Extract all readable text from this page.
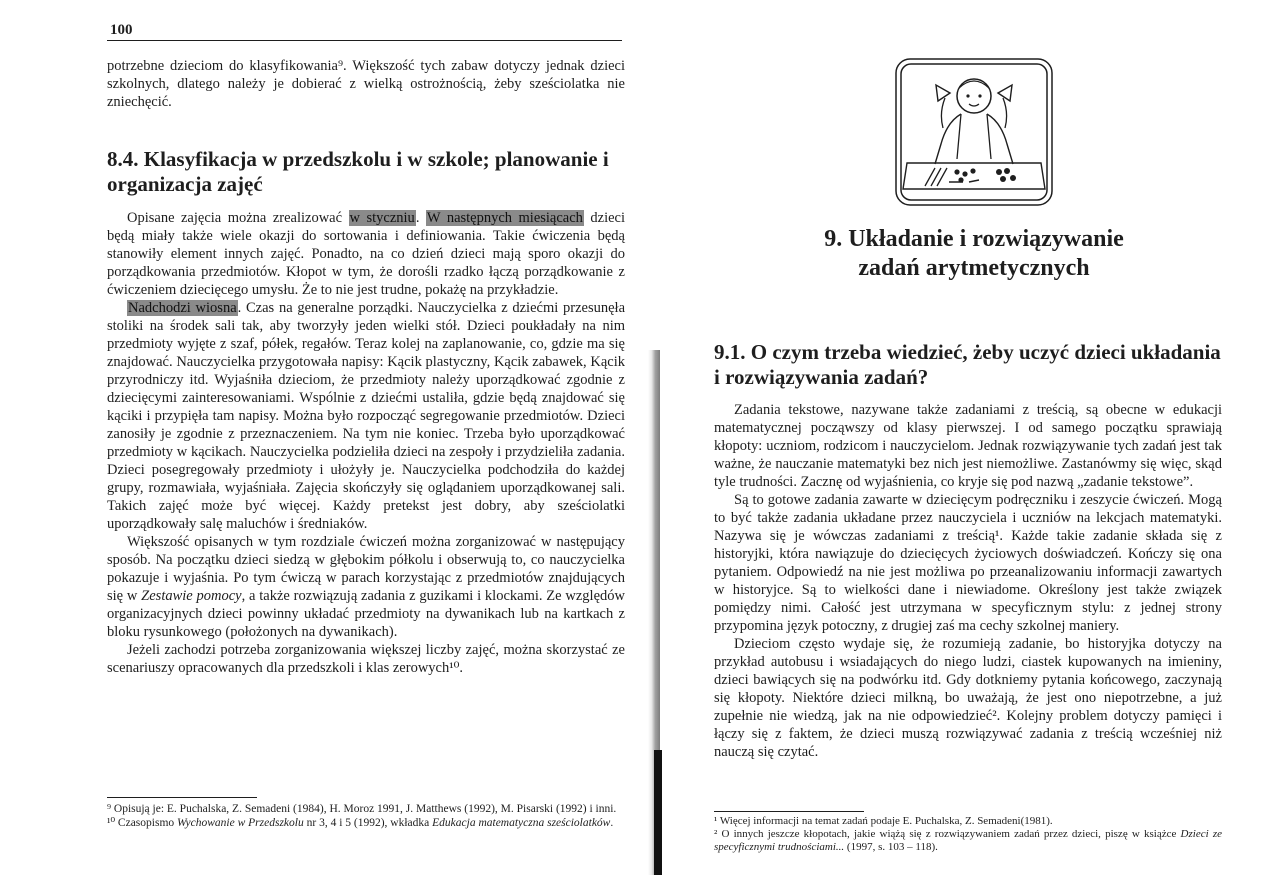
100

potrzebne dzieciom do klasyfikowania⁹. Większość tych zabaw dotyczy jednak dzieci szkolnych, dlatego należy je dobierać z wielką ostrożnością, żeby sześciolatka nie zniechęcić.

8.4. Klasyfikacja w przedszkolu i w szkole; planowanie i organizacja zajęć

Opisane zajęcia można zrealizować w styczniu. W następnych miesiącach dzieci będą miały także wiele okazji do sortowania i definiowania. Takie ćwiczenia będą stanowiły element innych zajęć. Ponadto, na co dzień dzieci mają sporo okazji do porządkowania przedmiotów. Kłopot w tym, że dorośli rzadko łączą porządkowanie z ćwiczeniem dziecięcego umysłu. Że to nie jest trudne, pokażę na przykładzie.

Nadchodzi wiosna. Czas na generalne porządki. Nauczycielka z dziećmi przesunęła stoliki na środek sali tak, aby tworzyły jeden wielki stół. Dzieci poukładały na nim przedmioty wyjęte z szaf, półek, regałów. Teraz kolej na zaplanowanie, co, gdzie ma się znajdować. Nauczycielka przygotowała napisy: Kącik plastyczny, Kącik zabawek, Kącik przyrodniczy itd. Wyjaśniła dzieciom, że przedmioty należy uporządkować zgodnie z dziecięcymi zainteresowaniami. Wspólnie z dziećmi ustaliła, gdzie będą znajdować się kąciki i przypięła tam napisy. Można było rozpocząć segregowanie przedmiotów. Dzieci zanosiły je zgodnie z przeznaczeniem. Na tym nie koniec. Trzeba było uporządkować przedmioty w kącikach. Nauczycielka podzieliła dzieci na zespoły i przydzieliła zadania. Dzieci posegregowały przedmioty i ułożyły je. Nauczycielka podchodziła do każdej grupy, rozmawiała, wyjaśniała. Zajęcia skończyły się oglądaniem uporządkowanej sali. Takich zajęć może być więcej. Każdy pretekst jest dobry, aby sześciolatki uporządkowały salę maluchów i średniaków.

Większość opisanych w tym rozdziale ćwiczeń można zorganizować w następujący sposób. Na początku dzieci siedzą w głębokim półkolu i obserwują to, co nauczycielka pokazuje i wyjaśnia. Po tym ćwiczą w parach korzystając z przedmiotów znajdujących się w Zestawie pomocy, a także rozwiązują zadania z guzikami i klockami. Ze względów organizacyjnych dzieci powinny układać przedmioty na dywanikach lub na kartkach z bloku rysunkowego (położonych na dywanikach).

Jeżeli zachodzi potrzeba zorganizowania większej liczby zajęć, można skorzystać ze scenariuszy opracowanych dla przedszkoli i klas zerowych¹⁰.

⁹ Opisują je: E. Puchalska, Z. Semadeni (1984), H. Moroz 1991, J. Matthews (1992), M. Pisarski (1992) i inni.

¹⁰ Czasopismo Wychowanie w Przedszkolu nr 3, 4 i 5 (1992), wkładka Edukacja matematyczna sześciolatków.

9. Układanie i rozwiązywanie
zadań arytmetycznych
9.1. O czym trzeba wiedzieć, żeby uczyć dzieci układania i rozwiązywania zadań?

Zadania tekstowe, nazywane także zadaniami z treścią, są obecne w edukacji matematycznej począwszy od klasy pierwszej. I od samego początku sprawiają kłopoty: uczniom, rodzicom i nauczycielom. Jednak rozwiązywanie tych zadań jest tak ważne, że nauczanie matematyki bez nich jest niemożliwe. Zastanówmy się więc, skąd tyle trudności. Zacznę od wyjaśnienia, co kryje się pod nazwą „zadanie tekstowe”.

Są to gotowe zadania zawarte w dziecięcym podręczniku i zeszycie ćwiczeń. Mogą to być także zadania układane przez nauczyciela i uczniów na lekcjach matematyki. Nazywa się je wówczas zadaniami z treścią¹. Każde takie zadanie składa się z historyjki, która nawiązuje do dziecięcych życiowych doświadczeń. Kończy się ona pytaniem. Odpowiedź na nie jest możliwa po przeanalizowaniu informacji zawartych w historyjce. Są to wielkości dane i niewiadome. Określony jest także związek pomiędzy nimi. Całość jest utrzymana w specyficznym stylu: z jednej strony przypomina język potoczny, z drugiej zaś ma cechy szkolnej maniery.

Dzieciom często wydaje się, że rozumieją zadanie, bo historyjka dotyczy na przykład autobusu i wsiadających do niego ludzi, ciastek kupowanych na imieniny, dzieci bawiących się na podwórku itd. Gdy dotkniemy pytania końcowego, zaczynają się kłopoty. Niektóre dzieci milkną, bo uważają, że jest ono niepotrzebne, a już zupełnie nie wiedzą, jak na nie odpowiedzieć². Kolejny problem dotyczy pamięci i łączy się z faktem, że dzieci muszą rozwiązywać zadania z treścią wcześniej niż nauczą się czytać.

¹ Więcej informacji na temat zadań podaje E. Puchalska, Z. Semadeni(1981).

² O innych jeszcze kłopotach, jakie wiążą się z rozwiązywaniem zadań przez dzieci, piszę w książce Dzieci ze specyficznymi trudnościami... (1997, s. 103 – 118).
